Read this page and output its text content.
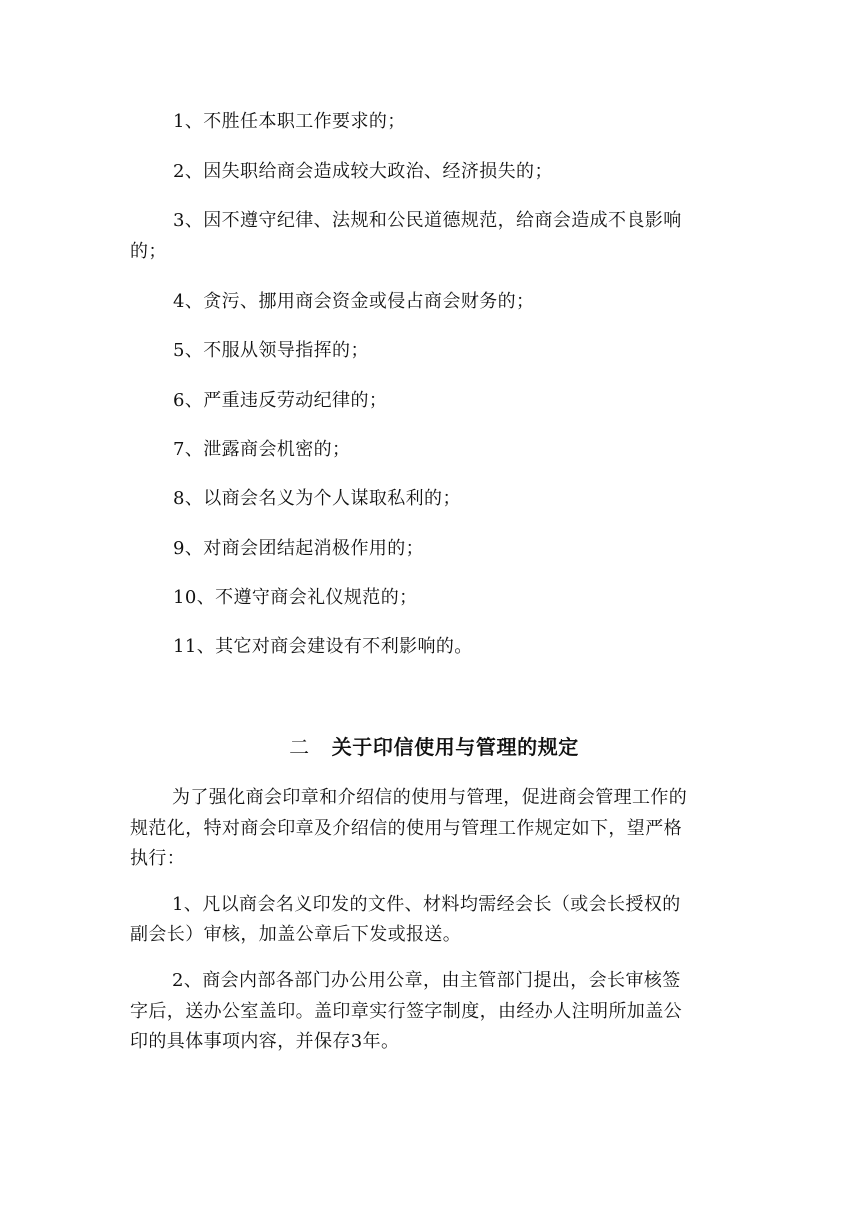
1、不胜任本职工作要求的；

2、因失职给商会造成较大政治、经济损失的；

3、因不遵守纪律、法规和公民道德规范，给商会造成不良影响

的；

4、贪污、挪用商会资金或侵占商会财务的；

5、不服从领导指挥的；

6、严重违反劳动纪律的；

7、泄露商会机密的；

8、以商会名义为个人谋取私利的；

9、对商会团结起消极作用的；

10、不遵守商会礼仪规范的；

11、其它对商会建设有不利影响的。

二 关于印信使用与管理的规定

为了强化商会印章和介绍信的使用与管理，促进商会管理工作的

规范化，特对商会印章及介绍信的使用与管理工作规定如下，望严格

执行：

1、凡以商会名义印发的文件、材料均需经会长（或会长授权的

副会长）审核，加盖公章后下发或报送。

2、商会内部各部门办公用公章，由主管部门提出，会长审核签

字后，送办公室盖印。盖印章实行签字制度，由经办人注明所加盖公

印的具体事项内容，并保存3年。
